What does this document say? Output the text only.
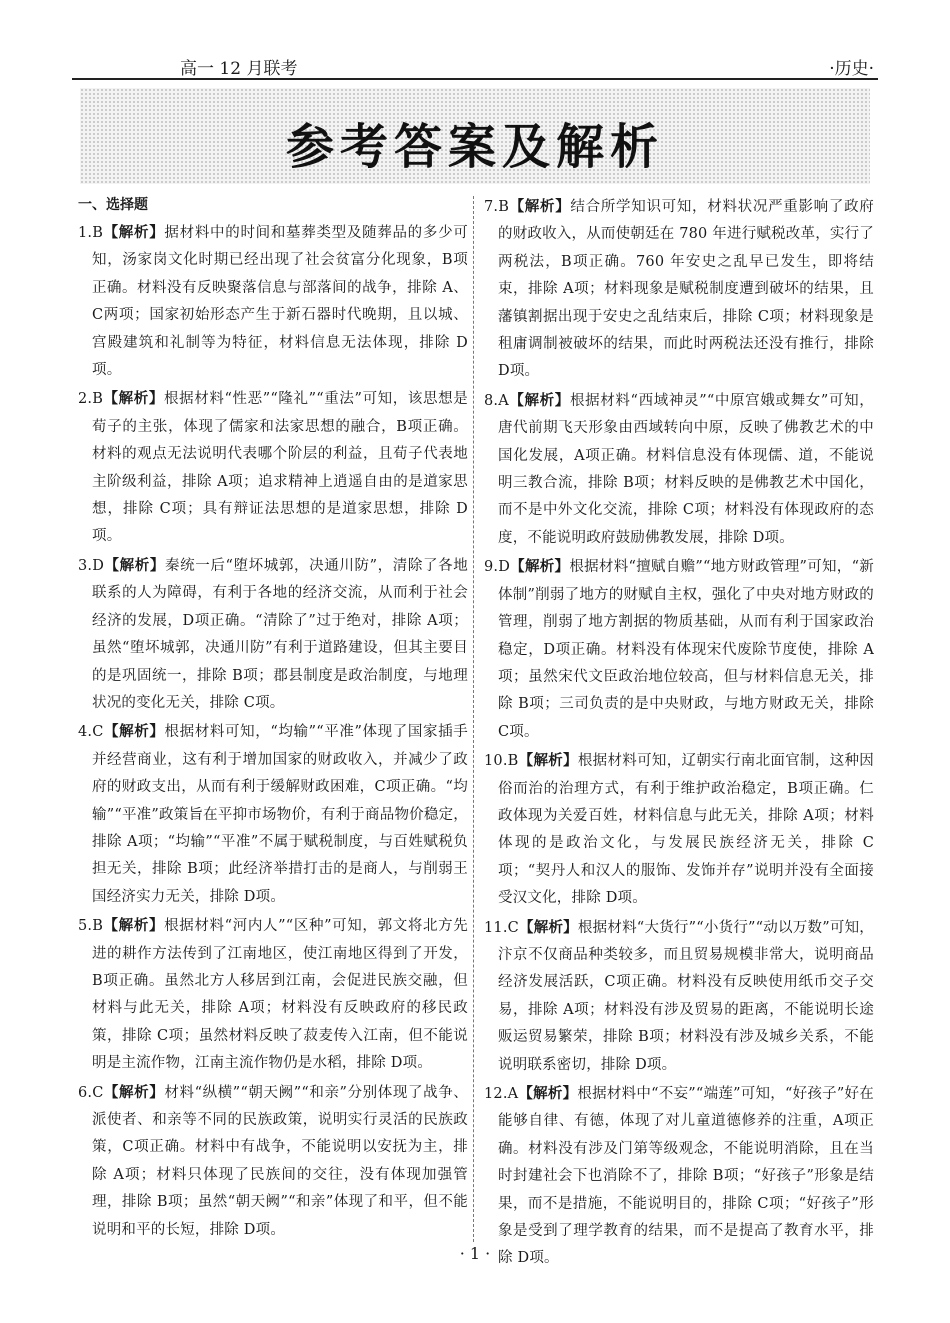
高一 12 月联考	·历史·
参考答案及解析
一、选择题

1.B【解析】据材料中的时间和墓葬类型及随葬品的多少可知，汤家岗文化时期已经出现了社会贫富分化现象，B项正确。材料没有反映聚落信息与部落间的战争，排除 A、C两项；国家初始形态产生于新石器时代晚期，且以城、宫殿建筑和礼制等为特征，材料信息无法体现，排除 D项。

2.B【解析】根据材料“性恶”“隆礼”“重法”可知，该思想是荀子的主张，体现了儒家和法家思想的融合，B项正确。材料的观点无法说明代表哪个阶层的利益，且荀子代表地主阶级利益，排除 A项；追求精神上逍遥自由的是道家思想，排除 C项；具有辩证法思想的是道家思想，排除 D项。

3.D【解析】秦统一后“堕坏城郭，决通川防”，清除了各地联系的人为障碍，有利于各地的经济交流，从而利于社会经济的发展，D项正确。“清除了”过于绝对，排除 A项；虽然“堕坏城郭，决通川防”有利于道路建设，但其主要目的是巩固统一，排除 B项；郡县制度是政治制度，与地理状况的变化无关，排除 C项。

4.C【解析】根据材料可知，“均输”“平准”体现了国家插手并经营商业，这有利于增加国家的财政收入，并减少了政府的财政支出，从而有利于缓解财政困难，C项正确。“均输”“平准”政策旨在平抑市场物价，有利于商品物价稳定，排除 A项；“均输”“平准”不属于赋税制度，与百姓赋税负担无关，排除 B项；此经济举措打击的是商人，与削弱王国经济实力无关，排除 D项。

5.B【解析】根据材料“河内人”“区种”可知，郭文将北方先进的耕作方法传到了江南地区，使江南地区得到了开发，B项正确。虽然北方人移居到江南，会促进民族交融，但材料与此无关，排除 A项；材料没有反映政府的移民政策，排除 C项；虽然材料反映了菽麦传入江南，但不能说明是主流作物，江南主流作物仍是水稻，排除 D项。

6.C【解析】材料“纵横”“朝天阙”“和亲”分别体现了战争、派使者、和亲等不同的民族政策，说明实行灵活的民族政策，C项正确。材料中有战争，不能说明以安抚为主，排除 A项；材料只体现了民族间的交往，没有体现加强管理，排除 B项；虽然“朝天阙”“和亲”体现了和平，但不能说明和平的长短，排除 D项。

7.B【解析】结合所学知识可知，材料状况严重影响了政府的财政收入，从而使朝廷在 780 年进行赋税改革，实行了两税法，B项正确。760 年安史之乱早已发生，即将结束，排除 A项；材料现象是赋税制度遭到破坏的结果，且藩镇割据出现于安史之乱结束后，排除 C项；材料现象是租庸调制被破坏的结果，而此时两税法还没有推行，排除 D项。

8.A【解析】根据材料“西域神灵”“中原宫娥或舞女”可知，唐代前期飞天形象由西域转向中原，反映了佛教艺术的中国化发展，A项正确。材料信息没有体现儒、道，不能说明三教合流，排除 B项；材料反映的是佛教艺术中国化，而不是中外文化交流，排除 C项；材料没有体现政府的态度，不能说明政府鼓励佛教发展，排除 D项。

9.D【解析】根据材料“擅赋自赡”“地方财政管理”可知，“新体制”削弱了地方的财赋自主权，强化了中央对地方财政的管理，削弱了地方割据的物质基础，从而有利于国家政治稳定，D项正确。材料没有体现宋代废除节度使，排除 A项；虽然宋代文臣政治地位较高，但与材料信息无关，排除 B项；三司负责的是中央财政，与地方财政无关，排除 C项。

10.B【解析】根据材料可知，辽朝实行南北面官制，这种因俗而治的治理方式，有利于维护政治稳定，B项正确。仁政体现为关爱百姓，材料信息与此无关，排除 A项；材料体现的是政治文化，与发展民族经济无关，排除 C项；“契丹人和汉人的服饰、发饰并存”说明并没有全面接受汉文化，排除 D项。

11.C【解析】根据材料“大货行”“小货行”“动以万数”可知，汴京不仅商品种类较多，而且贸易规模非常大，说明商品经济发展活跃，C项正确。材料没有反映使用纸币交子交易，排除 A项；材料没有涉及贸易的距离，不能说明长途贩运贸易繁荣，排除 B项；材料没有涉及城乡关系，不能说明联系密切，排除 D项。

12.A【解析】根据材料中“不妄”“端莲”可知，“好孩子”好在能够自律、有德，体现了对儿童道德修养的注重，A项正确。材料没有涉及门第等级观念，不能说明消除，且在当时封建社会下也消除不了，排除 B项；“好孩子”形象是结果，而不是措施，不能说明目的，排除 C项；“好孩子”形象是受到了理学教育的结果，而不是提高了教育水平，排除 D项。

· 1 ·
